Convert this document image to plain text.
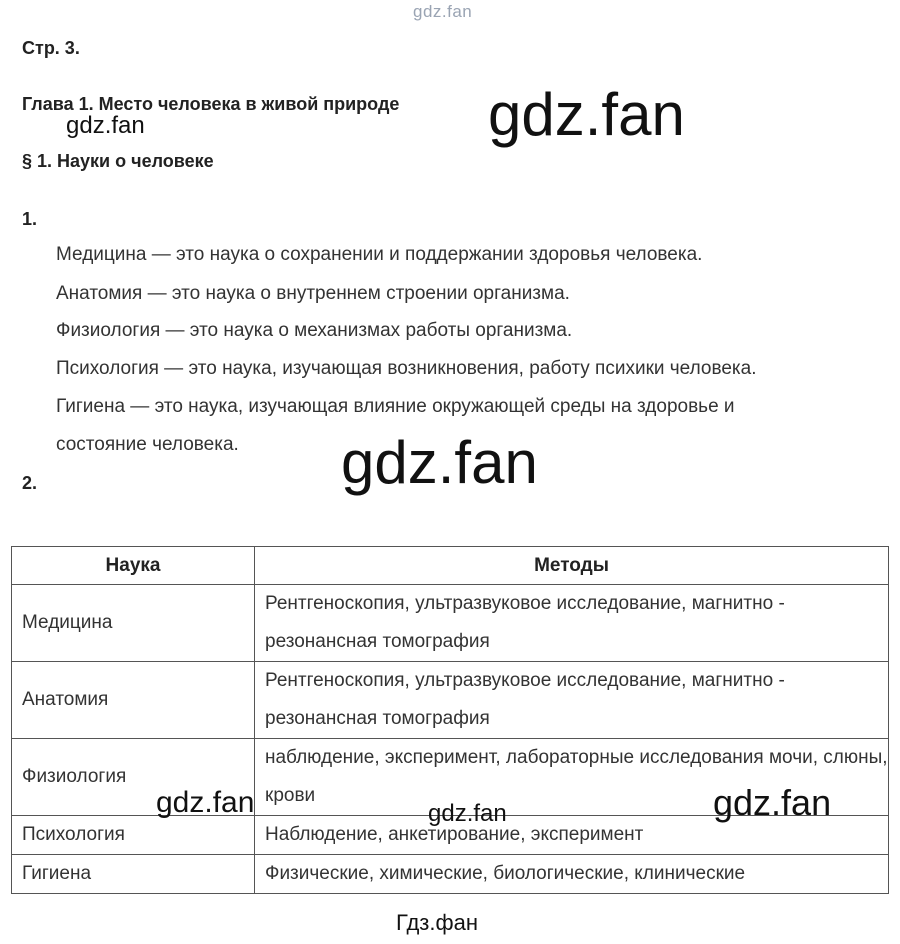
gdz.fan
Стр. 3.
Глава 1. Место человека в живой природе gdz.fan
gdz.fan
§ 1. Науки о человеке
1.
Медицина — это наука о сохранении и поддержании здоровья человека.
Анатомия — это наука о внутреннем строении организма.
Физиология — это наука о механизмах работы организма.
Психология — это наука, изучающая возникновения, работу психики человека.
Гигиена — это наука, изучающая влияние окружающей среды на здоровье и
состояние человека. gdz.fan
2.
Наука	Методы
Медицина	Рентгеноскопия, ультразвуковое исследование, магнитно - резонансная томография
Анатомия	Рентгеноскопия, ультразвуковое исследование, магнитно - резонансная томография
Физиология	наблюдение, эксперимент, лабораторные исследования мочи, слюны, крови
Психология	Наблюдение, анкетирование, эксперимент
Гигиена	Физические, химические, биологические, клинические
gdz.fan	gdz.fan	gdz.fan
Гдз.фан
